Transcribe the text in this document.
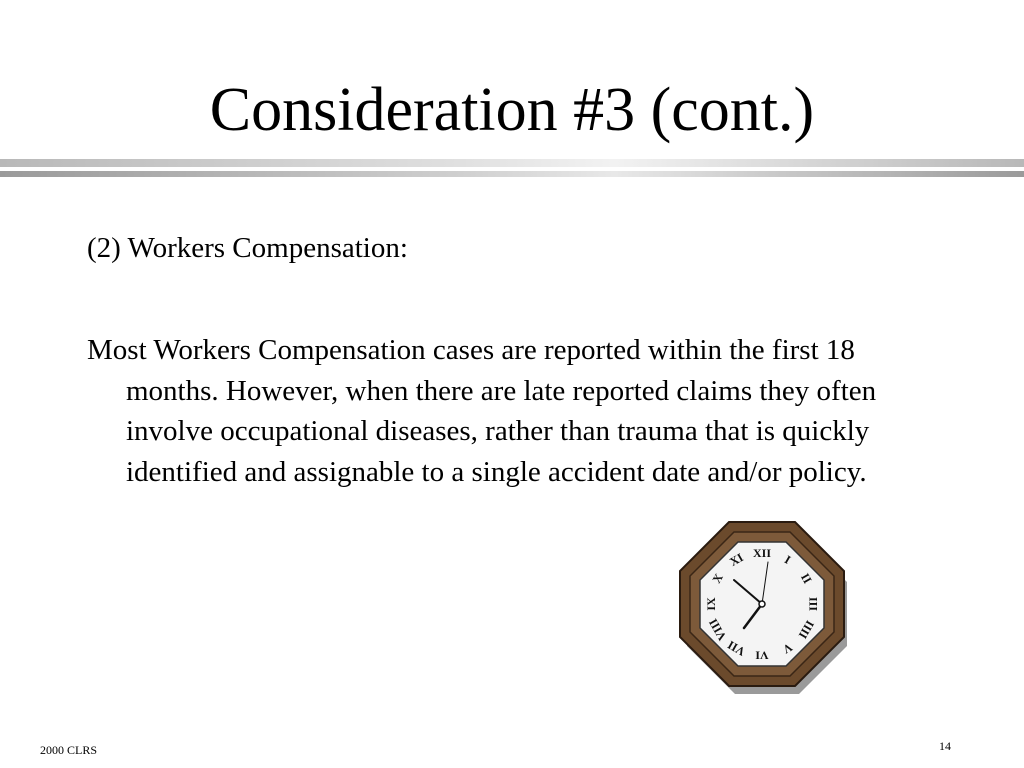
Consideration #3 (cont.)
(2) Workers Compensation:
Most Workers Compensation cases are reported within the first 18 months. However, when there are late reported claims they often involve occupational diseases, rather than trauma that is quickly identified and assignable to a single accident date and/or policy.
XII I
II
III
IIII
V
VI
VII
VIII
IX
X
XI
2000 CLRS	14
